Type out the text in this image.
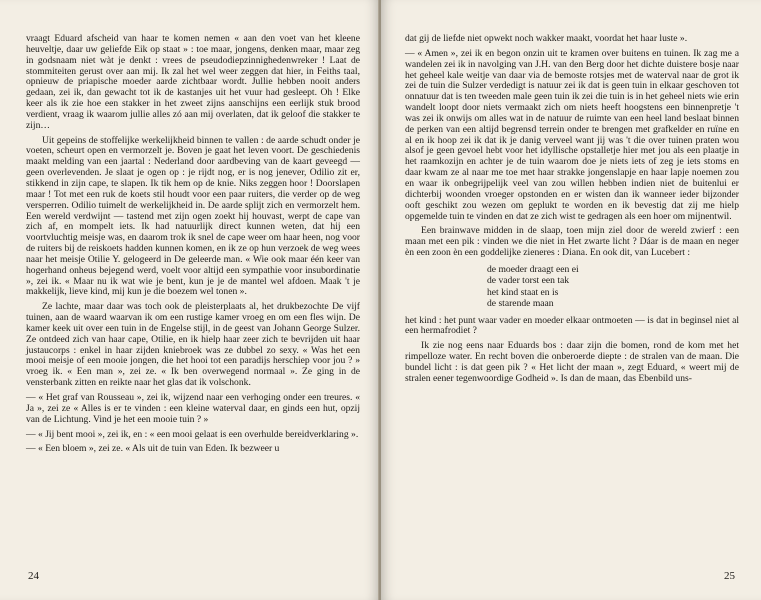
vraagt Eduard afscheid van haar te komen nemen « aan den voet van het kleene heuveltje, daar uw geliefde Eik op staat » : toe maar, jongens, denken maar, maar zeg in godsnaam niet wàt je denkt : vrees de pseudodiepzinnighedenwreker ! Laat de stommiteiten gerust over aan mij. Ik zal het wel weer zeggen dat hier, in Feiths taal, opnieuw de priapische moeder aarde zichtbaar wordt. Jullie hebben nooit anders gedaan, zei ik, dan gewacht tot ik de kastanjes uit het vuur had gesleept. Oh ! Elke keer als ik zie hoe een stakker in het zweet zijns aanschijns een eerlijk stuk brood verdient, vraag ik waarom jullie alles zó aan mij overlaten, dat ik geloof die stakker te zijn…

Uit gepeins de stoffelijke werkelijkheid binnen te vallen : de aarde schudt onder je voeten, scheurt open en vermorzelt je. Boven je gaat het leven voort. De geschiedenis maakt melding van een jaartal : Nederland door aardbeving van de kaart geveegd — geen overlevenden. Je slaat je ogen op : je rijdt nog, er is nog jenever, Odilio zit er, stikkend in zijn cape, te slapen. Ik tik hem op de knie. Niks zeggen hoor ! Doorslapen maar ! Tot met een ruk de koets stil houdt voor een paar ruiters, die verder op de weg versperren. Odilio tuimelt de werkelijkheid in. De aarde splijt zich en vermorzelt hem. Een wereld verdwijnt — tastend met zijn ogen zoekt hij houvast, werpt de cape van zich af, en mompelt iets. Ik had natuurlijk direct kunnen weten, dat hij een voortvluchtig meisje was, en daarom trok ik snel de cape weer om haar heen, nog voor de ruiters bij de reiskoets hadden kunnen komen, en ik ze op hun verzoek de weg wees naar het meisje Otilie Y. gelogeerd in De geleerde man. « Wie ook maar één keer van hogerhand onheus bejegend werd, voelt voor altijd een sympathie voor insubordinatie », zei ik. « Maar nu ik wat wie je bent, kun je je de mantel wel afdoen. Maak 't je makkelijk, lieve kind, mij kun je die boezem wel tonen ».

Ze lachte, maar daar was toch ook de pleisterplaats al, het drukbezochte De vijf tuinen, aan de waard waarvan ik om een rustige kamer vroeg en om een fles wijn. De kamer keek uit over een tuin in de Engelse stijl, in de geest van Johann George Sulzer. Ze ontdeed zich van haar cape, Otilie, en ik hielp haar zeer zich te bevrijden uit haar justaucorps : enkel in haar zijden kniebroek was ze dubbel zo sexy. « Was het een mooi meisje of een mooie jongen, die het hooi tot een paradijs herschiep voor jou ? » vroeg ik. « Een man », zei ze. « Ik ben overwegend normaal ». Ze ging in de vensterbank zitten en reikte naar het glas dat ik volschonk.

— « Het graf van Rousseau », zei ik, wijzend naar een verhoging onder een treures. « Ja », zei ze « Alles is er te vinden : een kleine waterval daar, en ginds een hut, opzij van de Lichtung. Vind je het een mooie tuin ? »

— « Jij bent mooi », zei ik, en : « een mooi gelaat is een overhulde bereidverklaring ».

— « Een bloem », zei ze. « Als uit de tuin van Eden. Ik bezweer u

24

dat gij de liefde niet opwekt noch wakker maakt, voordat het haar luste ».

— « Amen », zei ik en begon onzin uit te kramen over buitens en tuinen. Ik zag me a wandelen zei ik in navolging van J.H. van den Berg door het dichte duistere bosje naar het geheel kale weitje van daar via de bemoste rotsjes met de waterval naar de grot ik zei de tuin die Sulzer verdedigt is natuur zei ik dat is geen tuin in elkaar geschoven tot onnatuur dat is ten tweeden male geen tuin ik zei die tuin is in het geheel niets wie erin wandelt loopt door niets vermaakt zich om niets heeft hoogstens een binnenpretje 't was zei ik onwijs om alles wat in de natuur de ruimte van een heel land beslaat binnen de perken van een altijd begrensd terrein onder te brengen met grafkelder en ruïne en al en ik hoop zei ik dat ik je danig verveel want jij was 't die over tuinen praten wou alsof je geen gevoel hebt voor het idyllische opstalletje hier met jou als een plaatje in het raamkozijn en achter je de tuin waarom doe je niets iets of zeg je iets stoms en daar kwam ze al naar me toe met haar strakke jongenslapje en haar lapje noemen zou en waar ik onbegrijpelijk veel van zou willen hebben indien niet de buitenlui er dichterbij woonden vroeger opstonden en er wisten dan ik wanneer ieder bijzonder ooft geschikt zou wezen om geplukt te worden en ik bevestig dat zij me hielp opgemelde tuin te vinden en dat ze zich wist te gedragen als een hoer om mijnentwil.

Een brainwave midden in de slaap, toen mijn ziel door de wereld zwierf : een maan met een pik : vinden we die niet in Het zwarte licht ? Dáar is de maan en neger èn een zoon èn een goddelijke zieneres : Diana. En ook dit, van Lucebert :

de moeder draagt een ei
de vader torst een tak
het kind staat en is
de starende maan

het kind : het punt waar vader en moeder elkaar ontmoeten — is dat in beginsel niet al een hermafrodiet ?

Ik zie nog eens naar Eduards bos : daar zijn die bomen, rond de kom met het rimpelloze water. En recht boven die onberoerde diepte : de stralen van de maan. Die bundel licht : is dat geen pik ? « Het licht der maan », zegt Eduard, « weert mij de stralen eener tegenwoordige Godheid ». Is dan de maan, das Ebenbild uns-

25
